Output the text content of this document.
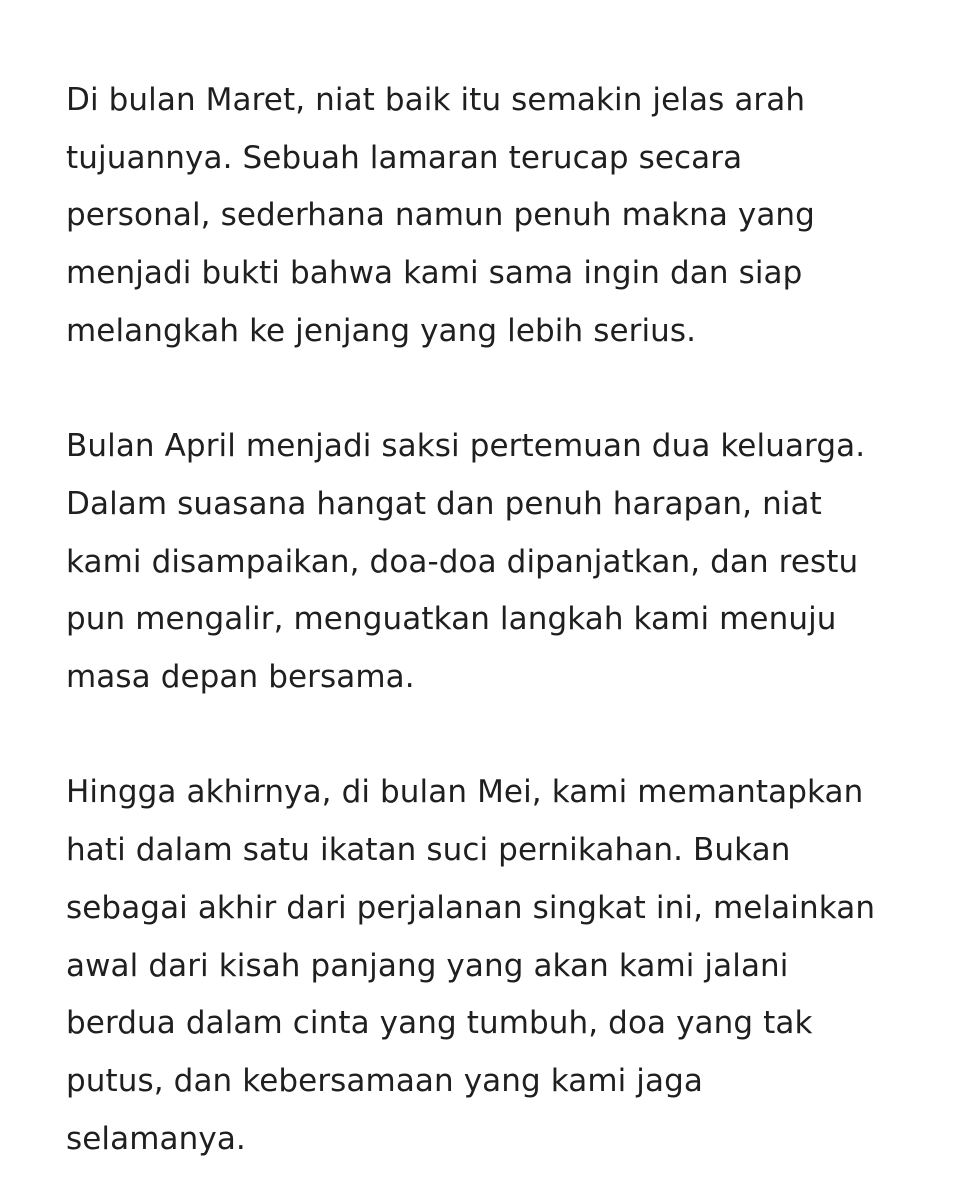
Di bulan Maret, niat baik itu semakin jelas arah
tujuannya. Sebuah lamaran terucap secara
personal, sederhana namun penuh makna yang
menjadi bukti bahwa kami sama ingin dan siap
melangkah ke jenjang yang lebih serius.

Bulan April menjadi saksi pertemuan dua keluarga.
Dalam suasana hangat dan penuh harapan, niat
kami disampaikan, doa-doa dipanjatkan, dan restu
pun mengalir, menguatkan langkah kami menuju
masa depan bersama.

Hingga akhirnya, di bulan Mei, kami memantapkan
hati dalam satu ikatan suci pernikahan. Bukan
sebagai akhir dari perjalanan singkat ini, melainkan
awal dari kisah panjang yang akan kami jalani
berdua dalam cinta yang tumbuh, doa yang tak
putus, dan kebersamaan yang kami jaga
selamanya.
